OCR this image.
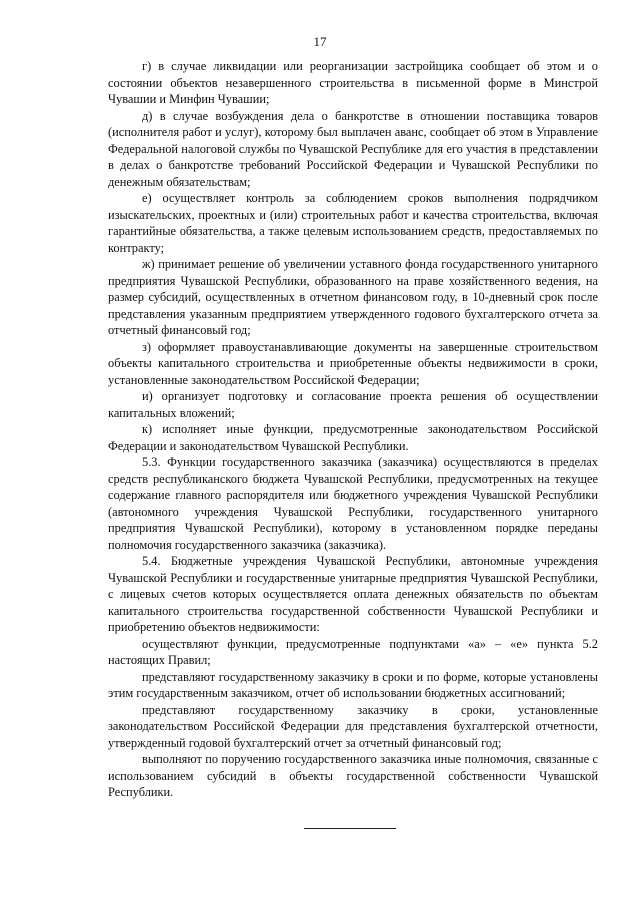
17

г) в случае ликвидации или реорганизации застройщика сообщает об этом и о состоянии объектов незавершенного строительства в письменной форме в Минстрой Чувашии и Минфин Чувашии;

д) в случае возбуждения дела о банкротстве в отношении поставщика товаров (исполнителя работ и услуг), которому был выплачен аванс, сообщает об этом в Управление Федеральной налоговой службы по Чувашской Республике для его участия в представлении в делах о банкротстве требований Российской Федерации и Чувашской Республики по денежным обязательствам;

е) осуществляет контроль за соблюдением сроков выполнения подрядчиком изыскательских, проектных и (или) строительных работ и качества строительства, включая гарантийные обязательства, а также целевым использованием средств, предоставляемых по контракту;

ж) принимает решение об увеличении уставного фонда государственного унитарного предприятия Чувашской Республики, образованного на праве хозяйственного ведения, на размер субсидий, осуществленных в отчетном финансовом году, в 10-дневный срок после представления указанным предприятием утвержденного годового бухгалтерского отчета за отчетный финансовый год;

з) оформляет правоустанавливающие документы на завершенные строительством объекты капитального строительства и приобретенные объекты недвижимости в сроки, установленные законодательством Российской Федерации;

и) организует подготовку и согласование проекта решения об осуществлении капитальных вложений;

к) исполняет иные функции, предусмотренные законодательством Российской Федерации и законодательством Чувашской Республики.

5.3. Функции государственного заказчика (заказчика) осуществляются в пределах средств республиканского бюджета Чувашской Республики, предусмотренных на текущее содержание главного распорядителя или бюджетного учреждения Чувашской Республики (автономного учреждения Чувашской Республики, государственного унитарного предприятия Чувашской Республики), которому в установленном порядке переданы полномочия государственного заказчика (заказчика).

5.4. Бюджетные учреждения Чувашской Республики, автономные учреждения Чувашской Республики и государственные унитарные предприятия Чувашской Республики, с лицевых счетов которых осуществляется оплата денежных обязательств по объектам капитального строительства государственной собственности Чувашской Республики и приобретению объектов недвижимости:

осуществляют функции, предусмотренные подпунктами «а» – «е» пункта 5.2 настоящих Правил;

представляют государственному заказчику в сроки и по форме, которые установлены этим государственным заказчиком, отчет об использовании бюджетных ассигнований;

представляют государственному заказчику в сроки, установленные законодательством Российской Федерации для представления бухгалтерской отчетности, утвержденный годовой бухгалтерский отчет за отчетный финансовый год;

выполняют по поручению государственного заказчика иные полномочия, связанные с использованием субсидий в объекты государственной собственности Чувашской Республики.
